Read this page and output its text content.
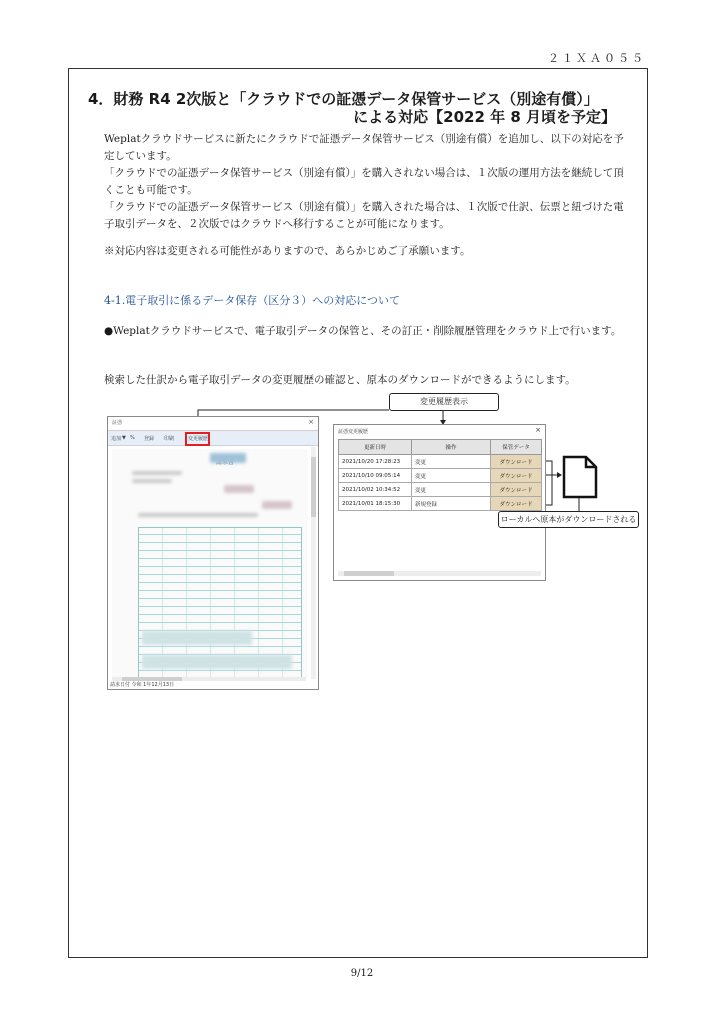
２１ＸＡ０５５
4．財務 R4 2次版と「クラウドでの証憑データ保管サービス（別途有償）」
による対応【2022 年 8 月頃を予定】
Weplatクラウドサービスに新たにクラウドで証憑データ保管サービス（別途有償）を追加し、以下の対応を予定しています。
「クラウドでの証憑データ保管サービス（別途有償）」を購入されない場合は、１次版の運用方法を継続して頂くことも可能です。
「クラウドでの証憑データ保管サービス（別途有償）」を購入された場合は、１次版で仕訳、伝票と紐づけた電子取引データを、２次版ではクラウドへ移行することが可能になります。
※対応内容は変更される可能性がありますので、あらかじめご了承願います。
4-1.電子取引に係るデータ保存（区分３）への対応について
●Weplatクラウドサービスで、電子取引データの保管と、その訂正・削除履歴管理をクラウド上で行います。
検索した仕訳から電子取引データの変更履歴の確認と、原本のダウンロードができるようにします。
証憑	×
追加 ▼ % 登録 印刷	変更履歴
請求日付 令和 1年12月13日
変更履歴表示
証憑変更履歴	×
更新日時	操作	保管データ
2021/10/20 17:28:23	変更	ダウンロード
2021/10/10 09:05:14	変更	ダウンロード
2021/10/02 10:34:52	変更	ダウンロード
2021/10/01 18:15:30	新規登録	ダウンロード
ローカルへ原本がダウンロードされる
9/12
